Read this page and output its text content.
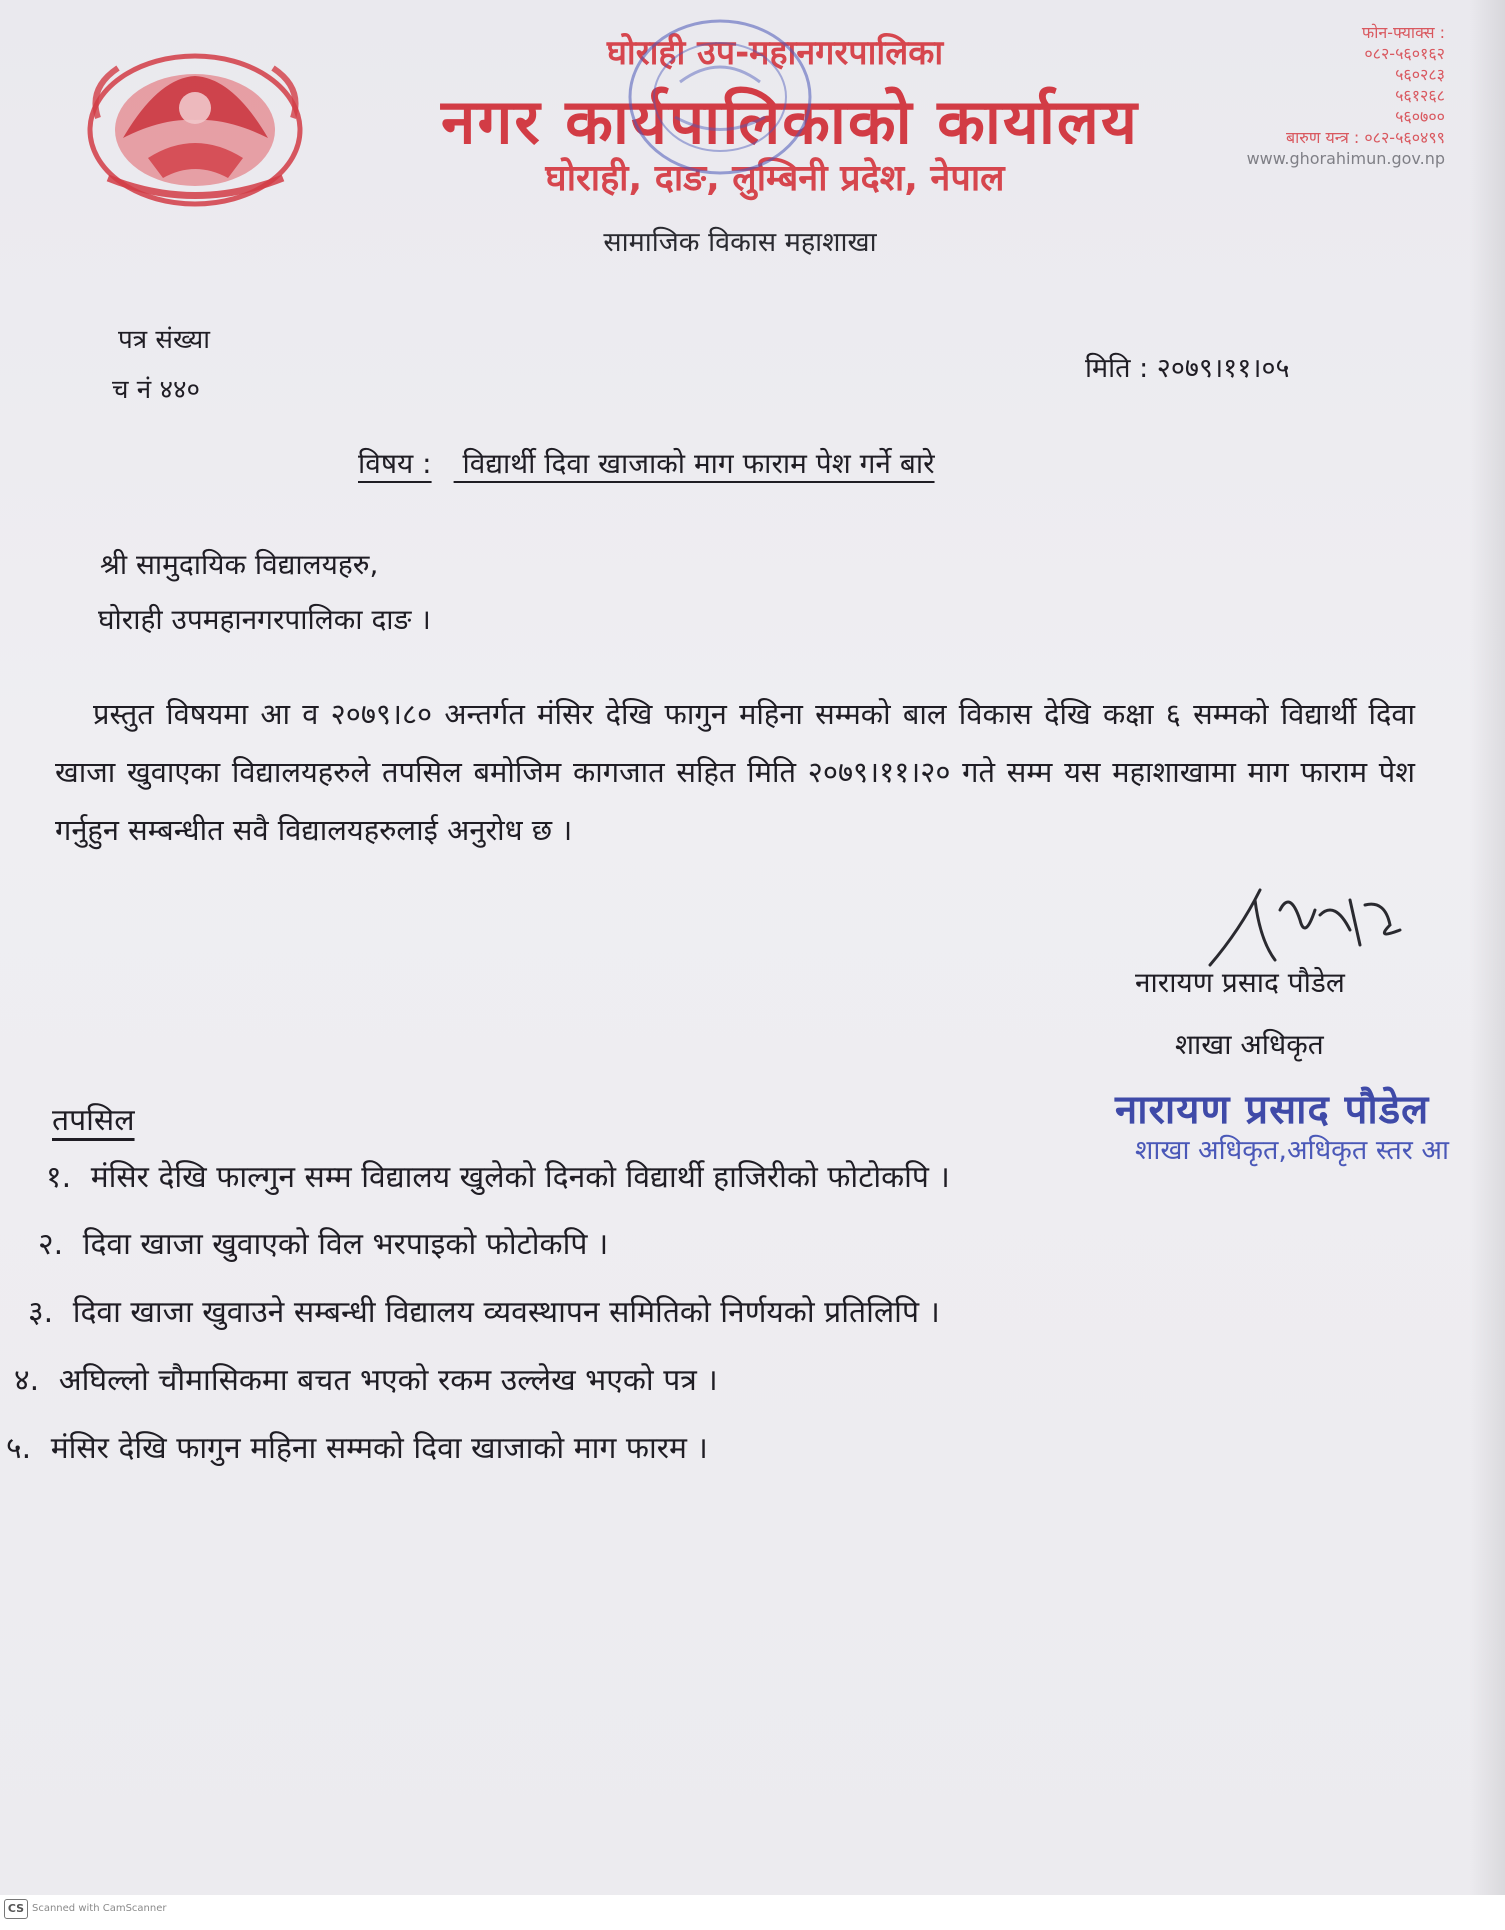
घोराही उप-महानगरपालिका
नगर कार्यपालिकाको कार्यालय
घोराही, दाङ, लुम्बिनी प्रदेश, नेपाल
सामाजिक विकास महाशाखा
फोन-फ्याक्स :
०८२-५६०१६२
५६०२८३
५६१२६८
५६०७००
बारुण यन्त्र : ०८२-५६०४९९
www.ghorahimun.gov.np
पत्र संख्या
च नं ४४०
मिति : २०७९।११।०५
विषय : विद्यार्थी दिवा खाजाको माग फाराम पेश गर्ने बारे
श्री सामुदायिक विद्यालयहरु,
घोराही उपमहानगरपालिका दाङ ।
प्रस्तुत विषयमा आ व २०७९।८० अन्तर्गत मंसिर देखि फागुन महिना सम्मको बाल विकास देखि कक्षा ६ सम्मको विद्यार्थी दिवा खाजा खुवाएका विद्यालयहरुले तपसिल बमोजिम कागजात सहित मिति २०७९।११।२० गते सम्म यस महाशाखामा माग फाराम पेश गर्नुहुन सम्बन्धीत सवै विद्यालयहरुलाई अनुरोध छ ।
नारायण प्रसाद पौडेल
शाखा अधिकृत
नारायण प्रसाद पौडेल
शाखा अधिकृत,अधिकृत स्तर आ
तपसिल
१. मंसिर देखि फाल्गुन सम्म विद्यालय खुलेको दिनको विद्यार्थी हाजिरीको फोटोकपि ।
२. दिवा खाजा खुवाएको विल भरपाइको फोटोकपि ।
३. दिवा खाजा खुवाउने सम्बन्धी विद्यालय व्यवस्थापन समितिको निर्णयको प्रतिलिपि ।
४. अघिल्लो चौमासिकमा बचत भएको रकम उल्लेख भएको पत्र ।
५. मंसिर देखि फागुन महिना सम्मको दिवा खाजाको माग फारम ।
CS Scanned with CamScanner
